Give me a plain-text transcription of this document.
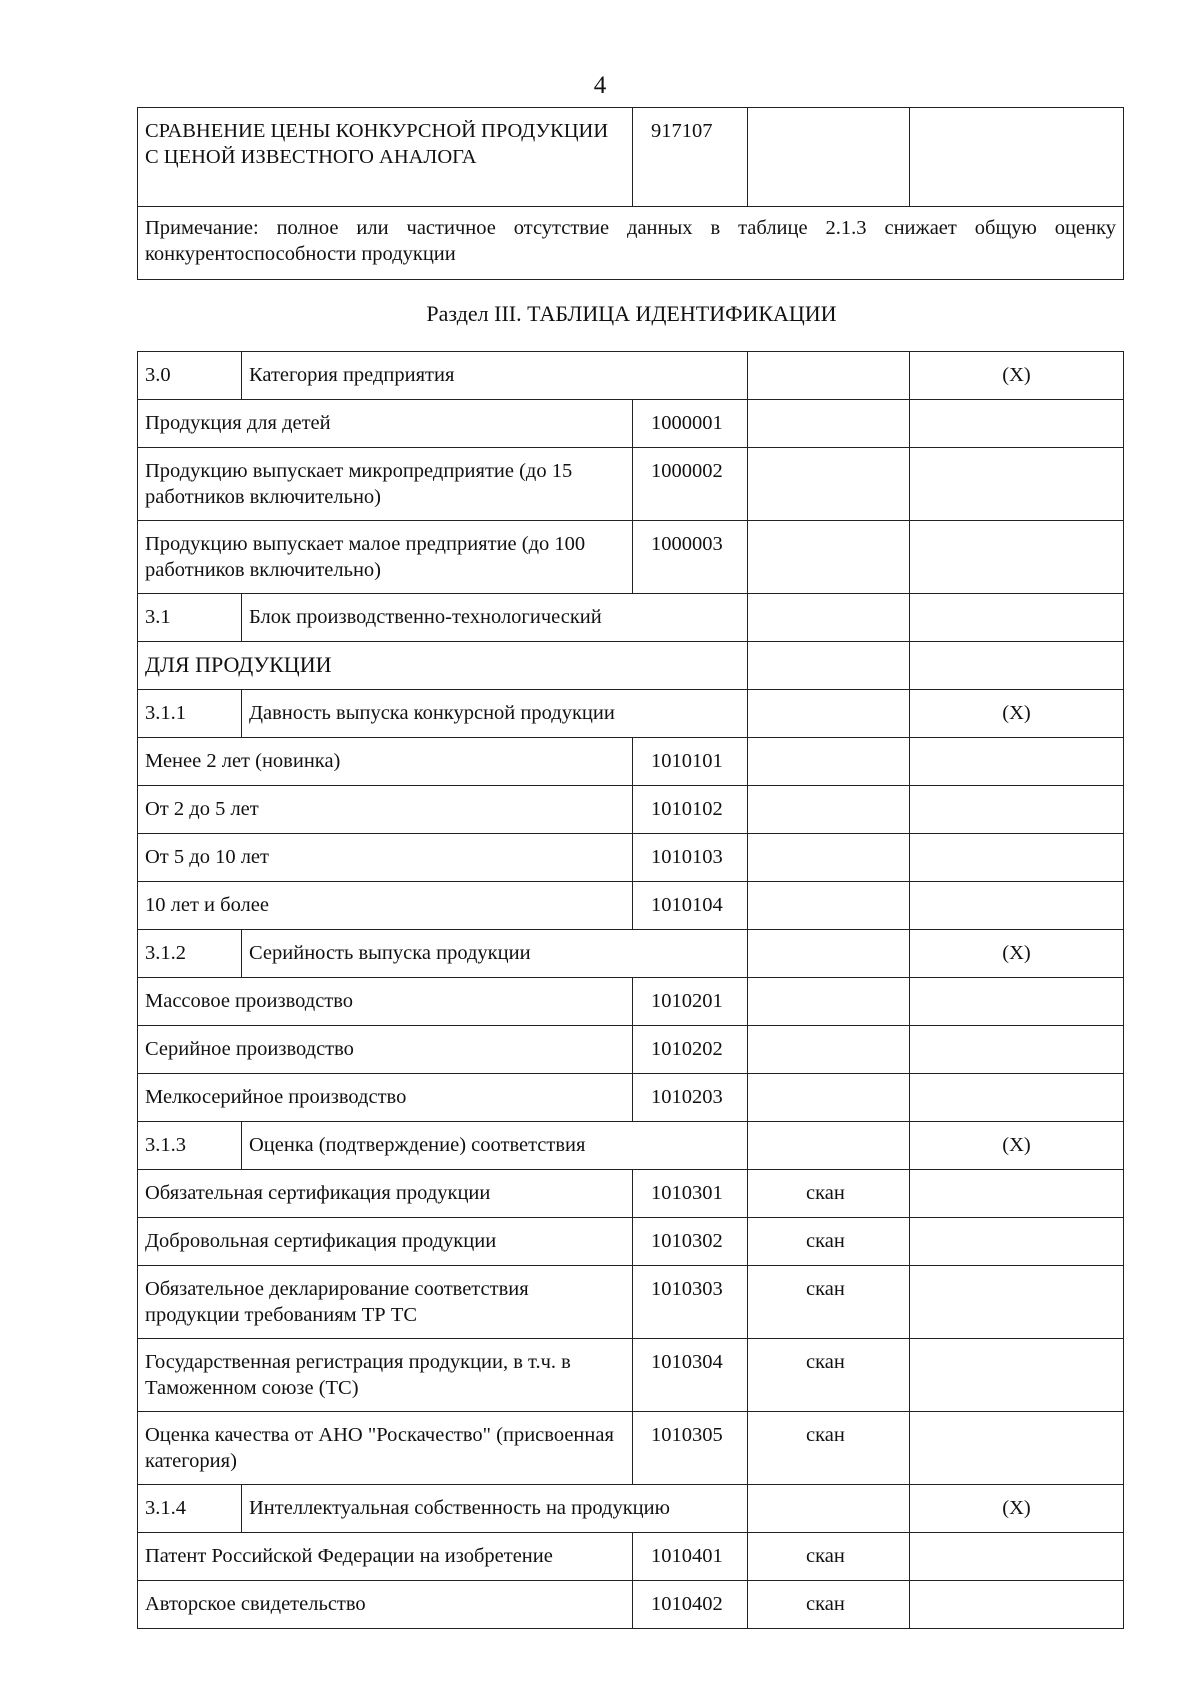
4
СРАВНЕНИЕ ЦЕНЫ КОНКУРСНОЙ ПРОДУКЦИИ С ЦЕНОЙ ИЗВЕСТНОГО АНАЛОГА	917107		
Примечание: полное или частичное отсутствие данных в таблице 2.1.3 снижает общую оценку конкурентоспособности продукции
Раздел III. ТАБЛИЦА ИДЕНТИФИКАЦИИ
3.0	Категория предприятия			(X)
Продукция для детей		1000001		
Продукцию выпускает микропредприятие (до 15 работников включительно)		1000002		
Продукцию выпускает малое предприятие (до 100 работников включительно)		1000003		
3.1	Блок производственно-технологический			
ДЛЯ ПРОДУКЦИИ				
3.1.1	Давность выпуска конкурсной продукции			(X)
Менее 2 лет (новинка)		1010101		
От 2 до 5 лет		1010102		
От 5 до 10 лет		1010103		
10 лет и более		1010104		
3.1.2	Серийность выпуска продукции			(X)
Массовое производство		1010201		
Серийное производство		1010202		
Мелкосерийное производство		1010203		
3.1.3	Оценка (подтверждение) соответствия			(X)
Обязательная сертификация продукции		1010301	скан	
Добровольная сертификация продукции		1010302	скан	
Обязательное декларирование соответствия продукции требованиям ТР ТС		1010303	скан	
Государственная регистрация продукции, в т.ч. в Таможенном союзе (ТС)		1010304	скан	
Оценка качества от АНО "Роскачество" (присвоенная категория)		1010305	скан	
3.1.4	Интеллектуальная собственность на продукцию			(X)
Патент Российской Федерации на изобретение		1010401	скан	
Авторское свидетельство		1010402	скан	
